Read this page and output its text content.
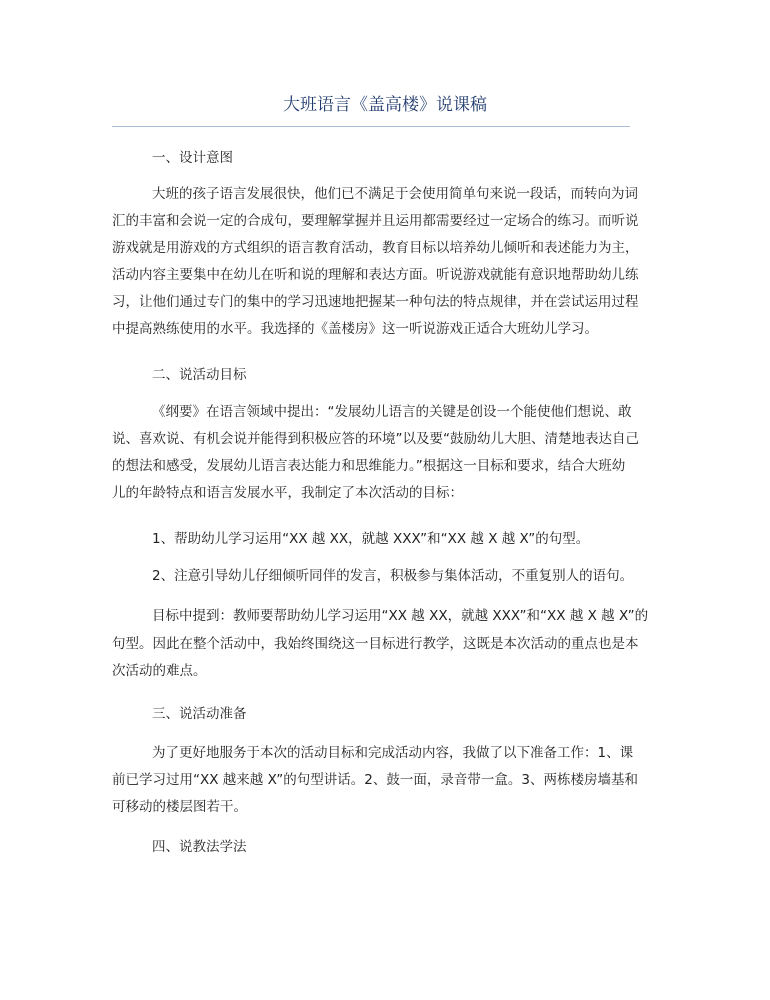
大班语言《盖高楼》说课稿
一、设计意图
大班的孩子语言发展很快，他们已不满足于会使用简单句来说一段话，而转向为词
汇的丰富和会说一定的合成句，要理解掌握并且运用都需要经过一定场合的练习。而听说
游戏就是用游戏的方式组织的语言教育活动，教育目标以培养幼儿倾听和表述能力为主，
活动内容主要集中在幼儿在听和说的理解和表达方面。听说游戏就能有意识地帮助幼儿练
习，让他们通过专门的集中的学习迅速地把握某一种句法的特点规律，并在尝试运用过程
中提高熟练使用的水平。我选择的《盖楼房》这一听说游戏正适合大班幼儿学习。
二、说活动目标
《纲要》在语言领域中提出：“发展幼儿语言的关键是创设一个能使他们想说、敢
说、喜欢说、有机会说并能得到积极应答的环境”以及要“鼓励幼儿大胆、清楚地表达自己
的想法和感受，发展幼儿语言表达能力和思维能力。”根据这一目标和要求，结合大班幼
儿的年龄特点和语言发展水平，我制定了本次活动的目标：
1、帮助幼儿学习运用“XX 越 XX，就越 XXX”和“XX 越 X 越 X”的句型。
2、注意引导幼儿仔细倾听同伴的发言，积极参与集体活动，不重复别人的语句。
目标中提到：教师要帮助幼儿学习运用“XX 越 XX，就越 XXX”和“XX 越 X 越 X”的
句型。因此在整个活动中，我始终围绕这一目标进行教学，这既是本次活动的重点也是本
次活动的难点。
三、说活动准备
为了更好地服务于本次的活动目标和完成活动内容，我做了以下准备工作：1、课
前已学习过用“XX 越来越 X”的句型讲话。2、鼓一面，录音带一盒。3、两栋楼房墙基和
可移动的楼层图若干。
四、说教法学法
